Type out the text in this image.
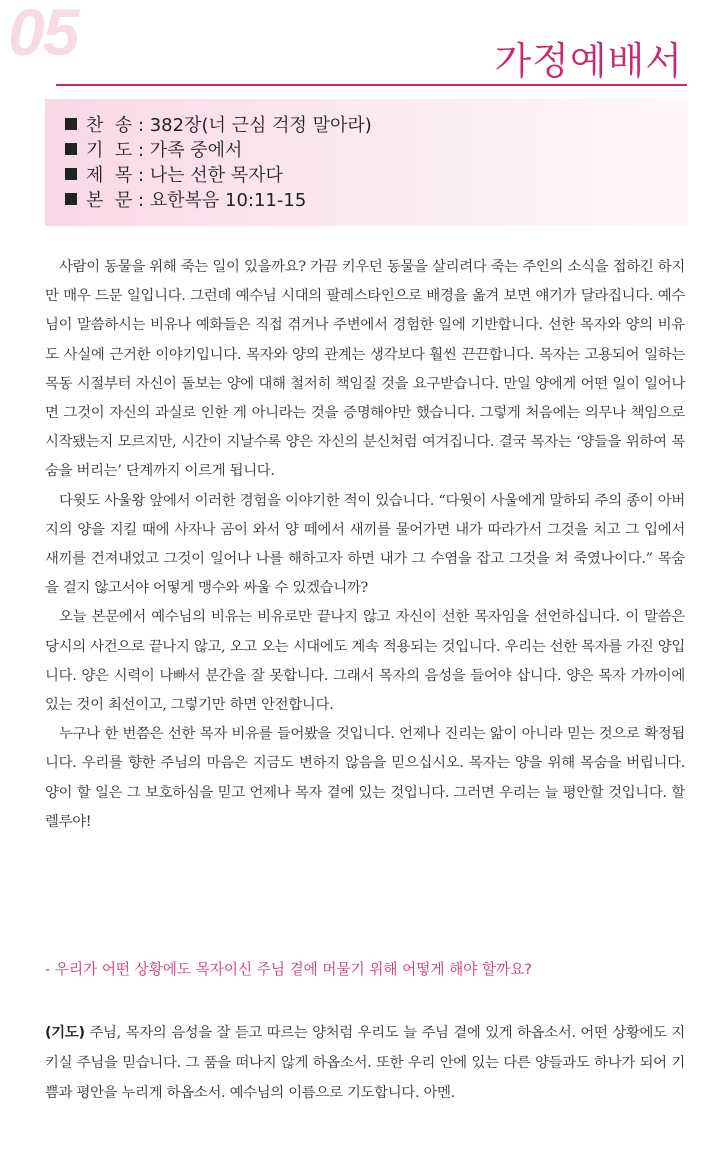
05	가정예배서
찬  송 : 382장(너 근심 걱정 말아라)
기  도 : 가족 중에서
제  목 : 나는 선한 목자다
본  문 : 요한복음 10:11-15

사람이 동물을 위해 죽는 일이 있을까요? 가끔 키우던 동물을 살리려다 죽는 주인의 소식을 접하긴 하지만 매우 드문 일입니다. 그런데 예수님 시대의 팔레스타인으로 배경을 옮겨 보면 얘기가 달라집니다. 예수님이 말씀하시는 비유나 예화들은 직접 겪거나 주변에서 경험한 일에 기반합니다. 선한 목자와 양의 비유도 사실에 근거한 이야기입니다. 목자와 양의 관계는 생각보다 훨씬 끈끈합니다. 목자는 고용되어 일하는 목동 시절부터 자신이 돌보는 양에 대해 철저히 책임질 것을 요구받습니다. 만일 양에게 어떤 일이 일어나면 그것이 자신의 과실로 인한 게 아니라는 것을 증명해야만 했습니다. 그렇게 처음에는 의무나 책임으로 시작됐는지 모르지만, 시간이 지날수록 양은 자신의 분신처럼 여겨집니다. 결국 목자는 ‘양들을 위하여 목숨을 버리는’ 단계까지 이르게 됩니다.

다윗도 사울왕 앞에서 이러한 경험을 이야기한 적이 있습니다. “다윗이 사울에게 말하되 주의 종이 아버지의 양을 지킬 때에 사자나 곰이 와서 양 떼에서 새끼를 물어가면 내가 따라가서 그것을 치고 그 입에서 새끼를 건져내었고 그것이 일어나 나를 해하고자 하면 내가 그 수염을 잡고 그것을 쳐 죽였나이다.” 목숨을 걸지 않고서야 어떻게 맹수와 싸울 수 있겠습니까?

오늘 본문에서 예수님의 비유는 비유로만 끝나지 않고 자신이 선한 목자임을 선언하십니다. 이 말씀은 당시의 사건으로 끝나지 않고, 오고 오는 시대에도 계속 적용되는 것입니다. 우리는 선한 목자를 가진 양입니다. 양은 시력이 나빠서 분간을 잘 못합니다. 그래서 목자의 음성을 들어야 삽니다. 양은 목자 가까이에 있는 것이 최선이고, 그렇기만 하면 안전합니다.

누구나 한 번쯤은 선한 목자 비유를 들어봤을 것입니다. 언제나 진리는 앎이 아니라 믿는 것으로 확정됩니다. 우리를 향한 주님의 마음은 지금도 변하지 않음을 믿으십시오. 목자는 양을 위해 목숨을 버립니다. 양이 할 일은 그 보호하심을 믿고 언제나 목자 곁에 있는 것입니다. 그러면 우리는 늘 평안할 것입니다. 할렐루야!

- 우리가 어떤 상황에도 목자이신 주님 곁에 머물기 위해 어떻게 해야 할까요?
(기도) 주님, 목자의 음성을 잘 듣고 따르는 양처럼 우리도 늘 주님 곁에 있게 하옵소서. 어떤 상황에도 지키실 주님을 믿습니다. 그 품을 떠나지 않게 하옵소서. 또한 우리 안에 있는 다른 양들과도 하나가 되어 기쁨과 평안을 누리게 하옵소서. 예수님의 이름으로 기도합니다. 아멘.
